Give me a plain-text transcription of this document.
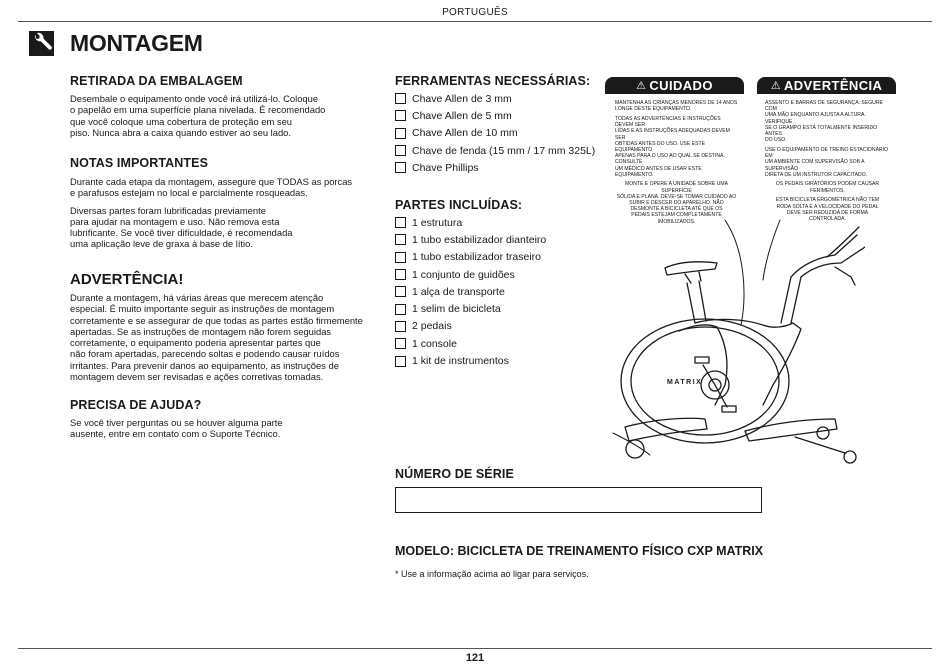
PORTUGUÊS
MONTAGEM
RETIRADA DA EMBALAGEM
Desembale o equipamento onde você irá utilizá-lo. Coloque
o papelão em uma superfície plana nivelada. É recomendado
que você coloque uma cobertura de proteção em seu
piso. Nunca abra a caixa quando estiver ao seu lado.
NOTAS IMPORTANTES
Durante cada etapa da montagem, assegure que TODAS as porcas
e parafusos estejam no local e parcialmente rosqueadas.
Diversas partes foram lubrificadas previamente
para ajudar na montagem e uso. Não remova esta
lubrificante. Se você tiver dificuldade, é recomendada
uma aplicação leve de graxa à base de lítio.
ADVERTÊNCIA!
Durante a montagem, há várias áreas que merecem atenção
especial. É muito importante seguir as instruções de montagem
corretamente e se assegurar de que todas as partes estão firmemente
apertadas. Se as instruções de montagem não forem seguidas
corretamente, o equipamento poderia apresentar partes que
não foram apertadas, parecendo soltas e podendo causar ruídos
irritantes. Para prevenir danos ao equipamento, as instruções de
montagem devem ser revisadas e ações corretivas tomadas.
PRECISA DE AJUDA?
Se você tiver perguntas ou se houver alguma parte
ausente, entre em contato com o Suporte Técnico.
FERRAMENTAS NECESSÁRIAS:
Chave Allen de 3 mm
Chave Allen de 5 mm
Chave Allen de 10 mm
Chave de fenda (15 mm / 17 mm 325L)
Chave Phillips
PARTES INCLUÍDAS:
1 estrutura
1 tubo estabilizador dianteiro
1 tubo estabilizador traseiro
1 conjunto de guidões
1 alça de transporte
1 selim de bicicleta
2 pedais
1 console
1 kit de instrumentos
⚠ CUIDADO
MANTENHA AS CRIANÇAS MENORES DE 14 ANOS
LONGE DESTE EQUIPAMENTO.
TODAS AS ADVERTÊNCIAS E INSTRUÇÕES DEVEM SER
LIDAS E AS INSTRUÇÕES ADEQUADAS DEVEM SER
OBTIDAS ANTES DO USO. USE ESTE EQUIPAMENTO
APENAS PARA O USO AO QUAL SE DESTINA. CONSULTE
UM MÉDICO ANTES DE USAR ESTE EQUIPAMENTO.
MONTE E OPERE A UNIDADE SOBRE UMA SUPERFÍCIE
SÓLIDA E PLANA. DEVE-SE TOMAR CUIDADO AO
SUBIR E DESCER DO APARELHO. NÃO
DESMONTE A BICICLETA ATÉ QUE OS
PEDAIS ESTEJAM COMPLETAMENTE
IMOBILIZADOS.
⚠ ADVERTÊNCIA
ASSENTO E BARRAS DE SEGURANÇA: SEGURE COM
UMA MÃO ENQUANTO AJUSTA A ALTURA. VERIFIQUE
SE O GRAMPO ESTÁ TOTALMENTE INSERIDO ANTES
DO USO.
USE O EQUIPAMENTO DE TREINO ESTACIONÁRIO EM
UM AMBIENTE COM SUPERVISÃO SOB A SUPERVISÃO
DIRETA DE UM INSTRUTOR CAPACITADO.
OS PEDAIS GIRATÓRIOS PODEM CAUSAR
FERIMENTOS.
ESTA BICICLETA ERGOMÉTRICA NÃO TEM
RODA SOLTA E A VELOCIDADE DO PEDAL
DEVE SER REDUZIDA DE FORMA
CONTROLADA.
MATRIX
NÚMERO DE SÉRIE
MODELO: BICICLETA DE TREINAMENTO FÍSICO CXP MATRIX
* Use a informação acima ao ligar para serviços.
121
